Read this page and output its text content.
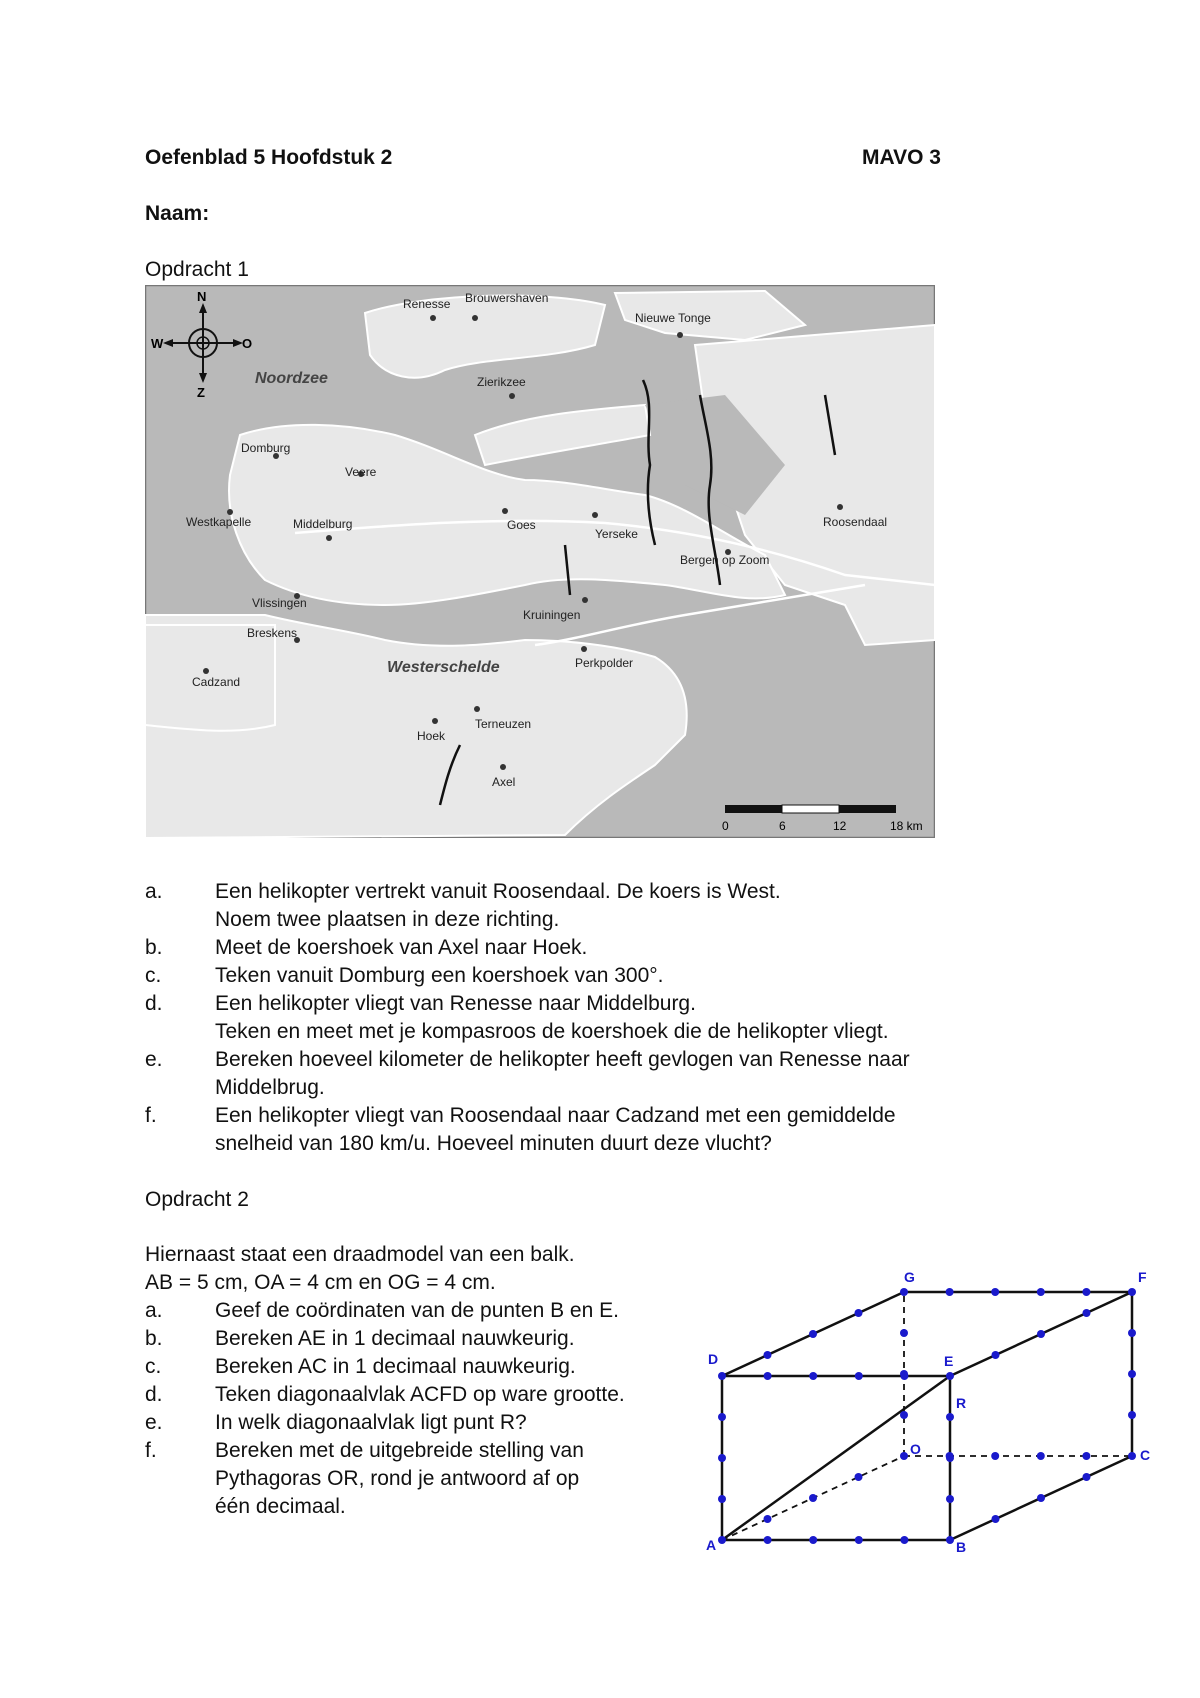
Oefenblad 5 Hoofdstuk 2	MAVO 3
Naam:
Opdracht 1
N
W	O
Z
Noordzee
Westerschelde
Renesse Brouwershaven
Nieuwe Tonge
Zierikzee
Domburg
Veere
Westkapelle	Middelburg	Goes
Yerseke
Bergen op Zoom
Roosendaal
Vlissingen
Breskens
Kruiningen
Cadzand
Perkpolder
Hoek
Terneuzen
Axel
0	6	12	18 km
a. Een helikopter vertrekt vanuit Roosendaal. De koers is West.
Noem twee plaatsen in deze richting.
b. Meet de koershoek van Axel naar Hoek.
c.	Teken vanuit Domburg een koershoek van 300°.
d. Een helikopter vliegt van Renesse naar Middelburg.
Teken en meet met je kompasroos de koershoek die de helikopter vliegt.
e. Bereken hoeveel kilometer de helikopter heeft gevlogen van Renesse naar
Middelbrug.
f.	Een helikopter vliegt van Roosendaal naar Cadzand met een gemiddelde
snelheid van 180 km/u. Hoeveel minuten duurt deze vlucht?
Opdracht 2
Hiernaast staat een draadmodel van een balk.
AB = 5 cm, OA = 4 cm en OG = 4 cm.
a. Geef de coördinaten van de punten B en E.
b. Bereken AE in 1 decimaal nauwkeurig.
c.	Bereken AC in 1 decimaal nauwkeurig.
d. Teken diagonaalvlak ACFD op ware grootte.
e. In welk diagonaalvlak ligt punt R?
f.	Bereken met de uitgebreide stelling van
Pythagoras OR, rond je antwoord af op
één decimaal.
A	B
C
O
D	E
F
G
R
